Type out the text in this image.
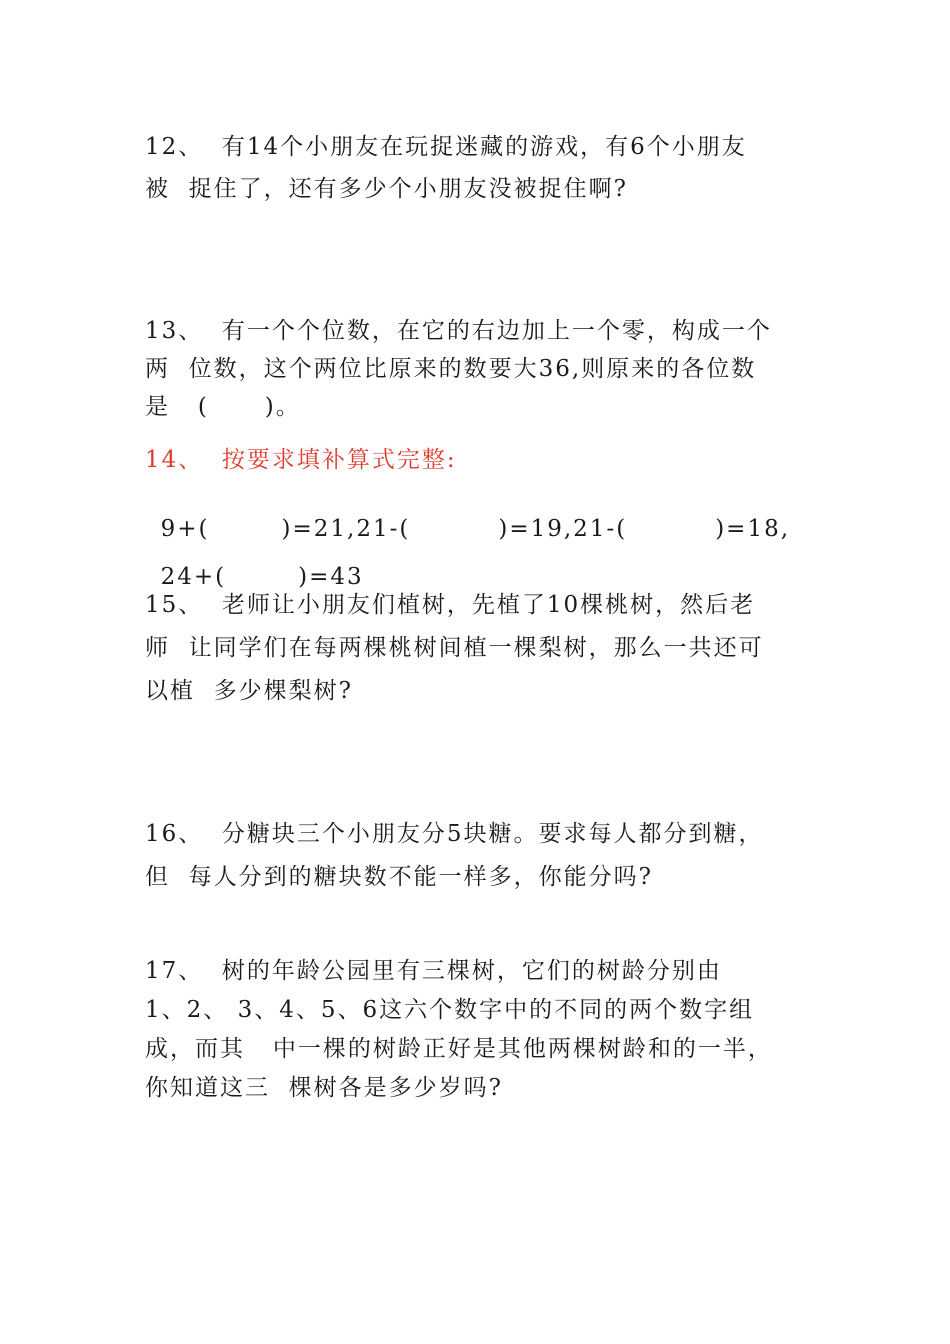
12、  有14个小朋友在玩捉迷藏的游戏，有6个小朋友
被  捉住了，还有多少个小朋友没被捉住啊?
13、  有一个个位数，在它的右边加上一个零，构成一个
两  位数，这个两位比原来的数要大36,则原来的各位数
是   (      )。
14、  按要求填补算式完整:

9+(	)=21,21-(	)=19,21-(	)=18,

24+(	)=43

15、  老师让小朋友们植树，先植了10棵桃树，然后老
师  让同学们在每两棵桃树间植一棵梨树，那么一共还可
以植  多少棵梨树?
16、  分糖块三个小朋友分5块糖。要求每人都分到糖，
但  每人分到的糖块数不能一样多，你能分吗?
17、  树的年龄公园里有三棵树，它们的树龄分别由
1、2、 3、4、5、6这六个数字中的不同的两个数字组
成，而其   中一棵的树龄正好是其他两棵树龄和的一半，
你知道这三  棵树各是多少岁吗?
